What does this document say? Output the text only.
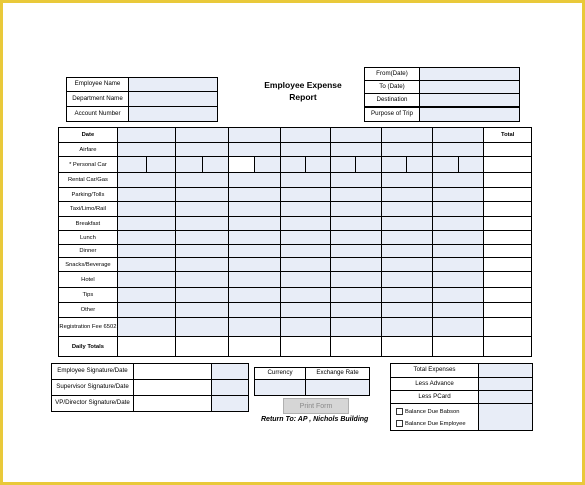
Employee Name
Department Name
Account Number
Employee Expense
Report
From(Date)
To (Date)
Destination
Purpose of Trip
Date								Total
Airfare								
* Personal Car	

Rental Car/Gas								
Parking/Tolls								
Taxi/Limo/Rail								
Breakfast								
Lunch								
Dinner								
Snacks/Beverage								
Hotel								
Tips								
Other								
Registration Fee 6502								
Daily Totals								
Employee Signature/Date
Supervisor Signature/Date
VP/Director Signature/Date
Currency	Exchange Rate
Print Form
Return To: AP , Nichols Building
Total Expenses
Less Advance
Less PCard
Balance Due Babson
Balance Due Employee
